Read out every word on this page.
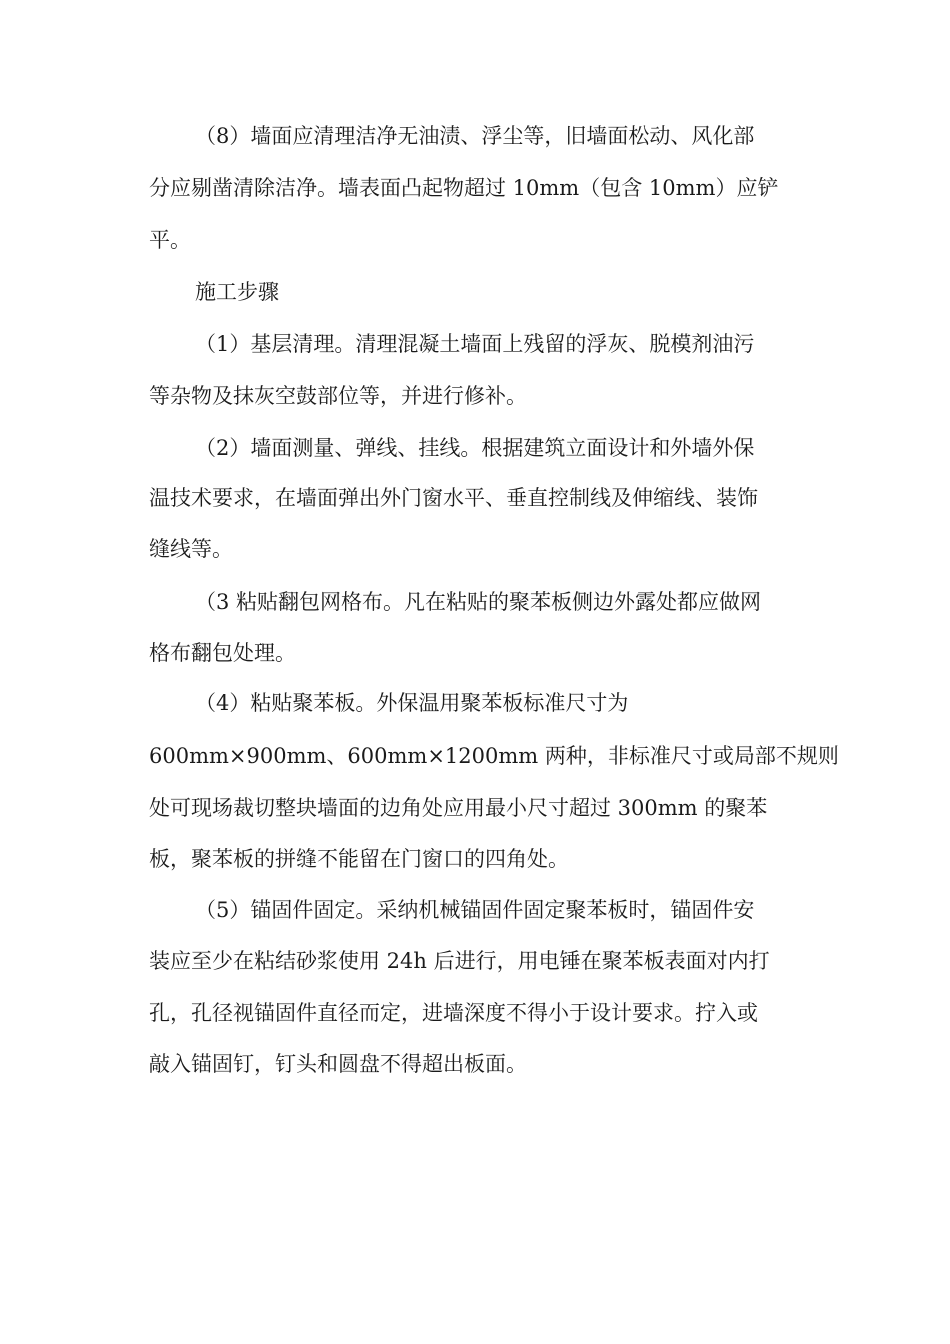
（8）墙面应清理洁净无油渍、浮尘等，旧墙面松动、风化部
分应剔凿清除洁净。墙表面凸起物超过 10mm（包含 10mm）应铲
平。
施工步骤
（1）基层清理。清理混凝土墙面上残留的浮灰、脱模剂油污
等杂物及抹灰空鼓部位等，并进行修补。
（2）墙面测量、弹线、挂线。根据建筑立面设计和外墙外保
温技术要求，在墙面弹出外门窗水平、垂直控制线及伸缩线、装饰
缝线等。
（3 粘贴翻包网格布。凡在粘贴的聚苯板侧边外露处都应做网
格布翻包处理。
（4）粘贴聚苯板。外保温用聚苯板标准尺寸为
600mm×900mm、600mm×1200mm 两种，非标准尺寸或局部不规则
处可现场裁切整块墙面的边角处应用最小尺寸超过 300mm 的聚苯
板，聚苯板的拼缝不能留在门窗口的四角处。
（5）锚固件固定。采纳机械锚固件固定聚苯板时，锚固件安
装应至少在粘结砂浆使用 24h 后进行，用电锤在聚苯板表面对内打
孔，孔径视锚固件直径而定，进墙深度不得小于设计要求。拧入或
敲入锚固钉，钉头和圆盘不得超出板面。
